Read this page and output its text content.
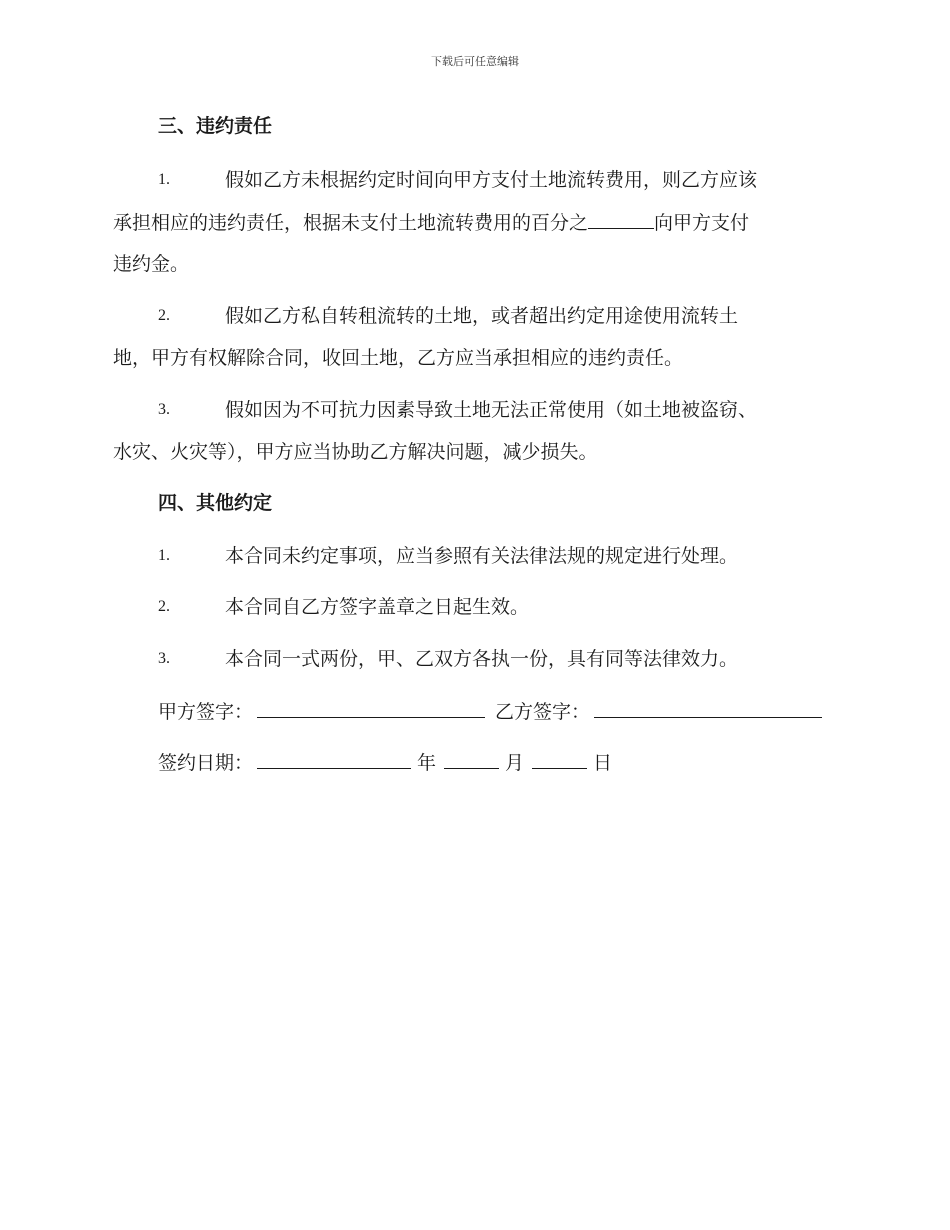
下载后可任意编辑
三、违约责任
1.	假如乙方未根据约定时间向甲方支付土地流转费用，则乙方应该
承担相应的违约责任，根据未支付土地流转费用的百分之	向甲方支付
违约金。
2.	假如乙方私自转租流转的土地，或者超出约定用途使用流转土
地，甲方有权解除合同，收回土地，乙方应当承担相应的违约责任。
3.	假如因为不可抗力因素导致土地无法正常使用（如土地被盗窃、
水灾、火灾等），甲方应当协助乙方解决问题，减少损失。
四、其他约定
1.	本合同未约定事项，应当参照有关法律法规的规定进行处理。
2.	本合同自乙方签字盖章之日起生效。
3.	本合同一式两份，甲、乙双方各执一份，具有同等法律效力。
甲方签字：	乙方签字：
签约日期：	年	月	日
